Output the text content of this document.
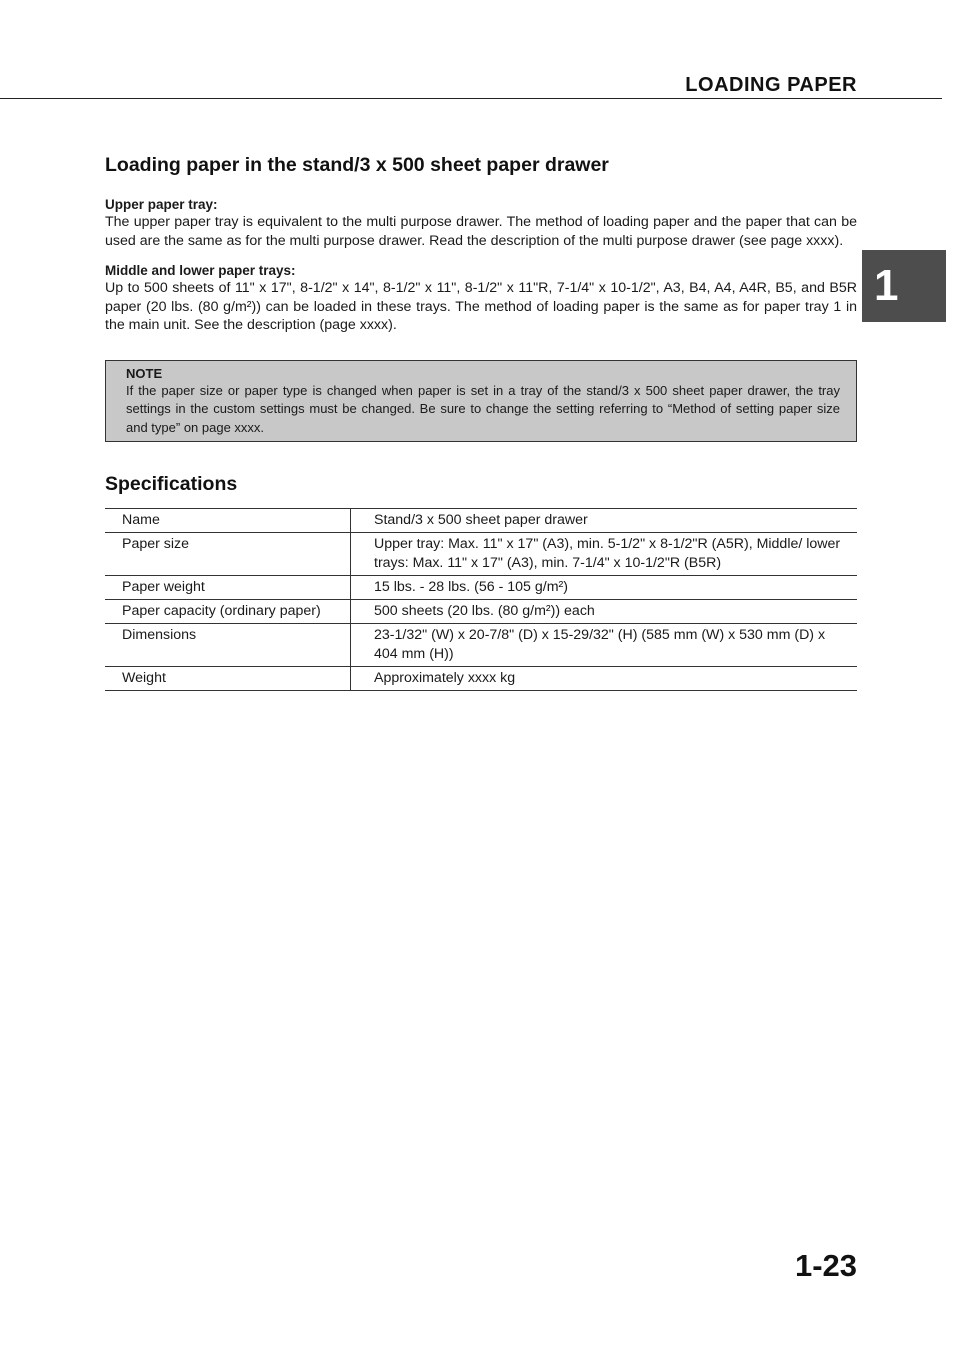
LOADING PAPER
1
Loading paper in the stand/3 x 500 sheet paper drawer

Upper paper tray:

The upper paper tray is equivalent to the multi purpose drawer. The method of loading paper and the paper that can be used are the same as for the multi purpose drawer. Read the description of the multi purpose drawer (see page xxxx).

Middle and lower paper trays:

Up to 500 sheets of 11" x 17", 8-1/2" x 14", 8-1/2" x 11", 8-1/2" x 11"R, 7-1/4" x 10-1/2", A3, B4, A4, A4R, B5, and B5R paper (20 lbs. (80 g/m²)) can be loaded in these trays. The method of loading paper is the same as for paper tray 1 in the main unit. See the description (page xxxx).

NOTE
If the paper size or paper type is changed when paper is set in a tray of the stand/3 x 500 sheet paper drawer, the tray settings in the custom settings must be changed. Be sure to change the setting referring to “Method of setting paper size and type” on page xxxx.
Specifications
Name	Stand/3 x 500 sheet paper drawer
Paper size	Upper tray: Max. 11" x 17" (A3), min. 5-1/2" x 8-1/2"R (A5R), Middle/ lower trays: Max. 11" x 17" (A3), min. 7-1/4" x 10-1/2"R (B5R)
Paper weight	15 lbs. - 28 lbs. (56 - 105 g/m²)
Paper capacity (ordinary paper)	500 sheets (20 lbs. (80 g/m²)) each
Dimensions	23-1/32" (W) x 20-7/8" (D) x 15-29/32" (H) (585 mm (W) x 530 mm (D) x 404 mm (H))
Weight	Approximately xxxx kg
1-23
